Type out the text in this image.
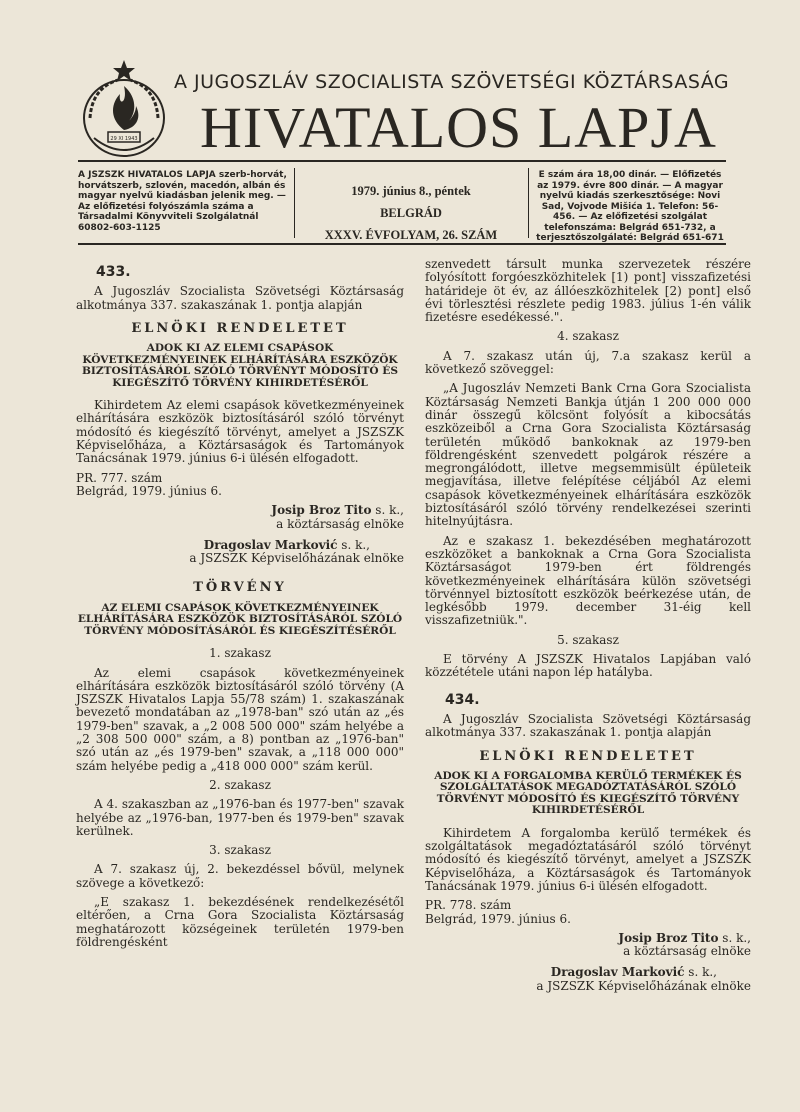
29 XI 1943
A JUGOSZLÁV SZOCIALISTA SZÖVETSÉGI KÖZTÁRSASÁG
HIVATALOS LAPJA
A JSZSZK HIVATALOS LAPJA szerb-horvát, horvátszerb, szlovén, macedón, albán és magyar nyelvű kiadásban jelenik meg. — Az előfizetési folyószámla száma a Társadalmi Könyvviteli Szolgálatnál 60802-603-1125
1979. június 8., péntek
BELGRÁD
XXXV. ÉVFOLYAM, 26. SZÁM
E szám ára 18,00 dinár. — Előfizetés az 1979. évre 800 dinár. — A magyar nyelvű kiadás szerkesztősége: Novi Sad, Vojvode Mišića 1. Telefon: 56-456. — Az előfizetési szolgálat telefonszáma: Belgrád 651-732, a terjesztőszolgálaté: Belgrád 651-671

433.

A Jugoszláv Szocialista Szövetségi Köztársaság alkotmánya 337. szakaszának 1. pontja alapján

ELNÖKI RENDELETET

ADOK KI AZ ELEMI CSAPÁSOK KÖVETKEZMÉNYEINEK ELHÁRÍTÁSÁRA ESZKÖZÖK BIZTOSÍTÁSÁRÓL SZÓLÓ TÖRVÉNYT MÓDOSÍTÓ ÉS KIEGÉSZÍTŐ TÖRVÉNY KIHIRDETÉSÉRŐL

Kihirdetem Az elemi csapások következményeinek elhárítására eszközök biztosításáról szóló törvényt módosító és kiegészítő törvényt, amelyet a JSZSZK Képviselőháza, a Köztársaságok és Tartományok Tanácsának 1979. június 6-i ülésén elfogadott.

PR. 777. szám

Belgrád, 1979. június 6.

Josip Broz Tito s. k.,

a köztársaság elnöke

Dragoslav Marković s. k.,

a JSZSZK Képviselőházának elnöke

TÖRVÉNY

AZ ELEMI CSAPÁSOK KÖVETKEZMÉNYEINEK ELHÁRÍTÁSÁRA ESZKÖZÖK BIZTOSÍTÁSÁRÓL SZÓLÓ TÖRVÉNY MÓDOSÍTÁSÁRÓL ÉS KIEGÉSZÍTÉSÉRŐL

1. szakasz

Az elemi csapások következményeinek elhárítására eszközök biztosításáról szóló törvény (A JSZSZK Hivatalos Lapja 55/78 szám) 1. szakaszának bevezető mondatában az „1978-ban" szó után az „és 1979-ben" szavak, a „2 008 500 000" szám helyébe a „2 308 500 000" szám, a 8) pontban az „1976-ban" szó után az „és 1979-ben" szavak, a „118 000 000" szám helyébe pedig a „418 000 000" szám kerül.

2. szakasz

A 4. szakaszban az „1976-ban és 1977-ben" szavak helyébe az „1976-ban, 1977-ben és 1979-ben" szavak kerülnek.

3. szakasz

A 7. szakasz új, 2. bekezdéssel bővül, melynek szövege a következő:

„E szakasz 1. bekezdésének rendelkezésétől eltérően, a Crna Gora Szocialista Köztársaság meghatározott községeinek területén 1979-ben földrengésként

szenvedett társult munka szervezetek részére folyósított forgóeszközhitelek [1) pont] visszafizetési határideje öt év, az állóeszközhitelek [2) pont] első évi törlesztési részlete pedig 1983. július 1-én válik fizetésre esedékessé.".

4. szakasz

A 7. szakasz után új, 7.a szakasz kerül a következő szöveggel:

„A Jugoszláv Nemzeti Bank Crna Gora Szocialista Köztársaság Nemzeti Bankja útján 1 200 000 000 dinár összegű kölcsönt folyósít a kibocsátás eszközeiből a Crna Gora Szocialista Köztársaság területén működő bankoknak az 1979-ben földrengésként szenvedett polgárok részére a megrongálódott, illetve megsemmisült épületeik megjavítása, illetve felépítése céljából Az elemi csapások következményeinek elhárítására eszközök biztosításáról szóló törvény rendelkezései szerinti hitelnyújtásra.

Az e szakasz 1. bekezdésében meghatározott eszközöket a bankoknak a Crna Gora Szocialista Köztársaságot 1979-ben ért földrengés következményeinek elhárítására külön szövetségi törvénnyel biztosított eszközök beérkezése után, de legkésőbb 1979. december 31-éig kell visszafizetniük.".

5. szakasz

E törvény A JSZSZK Hivatalos Lapjában való közzététele utáni napon lép hatályba.

434.

A Jugoszláv Szocialista Szövetségi Köztársaság alkotmánya 337. szakaszának 1. pontja alapján

ELNÖKI RENDELETET

ADOK KI A FORGALOMBA KERÜLŐ TERMÉKEK ÉS SZOLGÁLTATÁSOK MEGADÓZTATÁSÁRÓL SZÓLÓ TÖRVÉNYT MÓDOSÍTÓ ÉS KIEGÉSZÍTŐ TÖRVÉNY KIHIRDETÉSÉRŐL

Kihirdetem A forgalomba kerülő termékek és szolgáltatások megadóztatásáról szóló törvényt módosító és kiegészítő törvényt, amelyet a JSZSZK Képviselőháza, a Köztársaságok és Tartományok Tanácsának 1979. június 6-i ülésén elfogadott.

PR. 778. szám

Belgrád, 1979. június 6.

Josip Broz Tito s. k.,

a köztársaság elnöke

Dragoslav Marković s. k.,

a JSZSZK Képviselőházának elnöke
